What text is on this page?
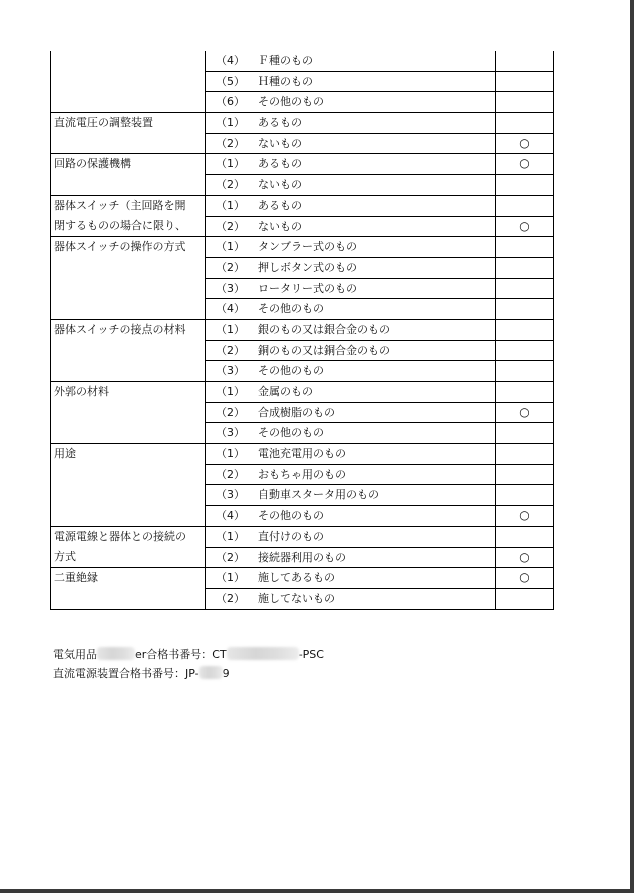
	（4） Ｆ種のもの	
	（5） Ｈ種のもの	
	（6） その他のもの	
直流電圧の調整装置	（1） あるもの	
	（2） ないもの	○
回路の保護機構	（1） あるもの	○
	（2） ないもの	

器体スイッチ（主回路を開
閉するものの場合に限り、	（1） あるもの	
	（2） ないもの	○
器体スイッチの操作の方式	（1） タンブラー式のもの	
	（2） 押しボタン式のもの	
	（3） ロータリー式のもの	
	（4） その他のもの	
器体スイッチの接点の材料	（1） 銀のもの又は銀合金のもの	
	（2） 銅のもの又は銅合金のもの	
	（3） その他のもの	
外郭の材料	（1） 金属のもの	
	（2） 合成樹脂のもの	○
	（3） その他のもの	
用途	（1） 電池充電用のもの	
	（2） おもちゃ用のもの	
	（3） 自動車スタータ用のもの	
	（4） その他のもの	○

電源電線と器体との接続の
方式	（1） 直付けのもの	
	（2） 接続器利用のもの	○
二重絶縁	（1） 施してあるもの	○
	（2） 施してないもの	
電気用品	er合格书番号：CT	-PSC
直流電源装置合格书番号：JP- 9
